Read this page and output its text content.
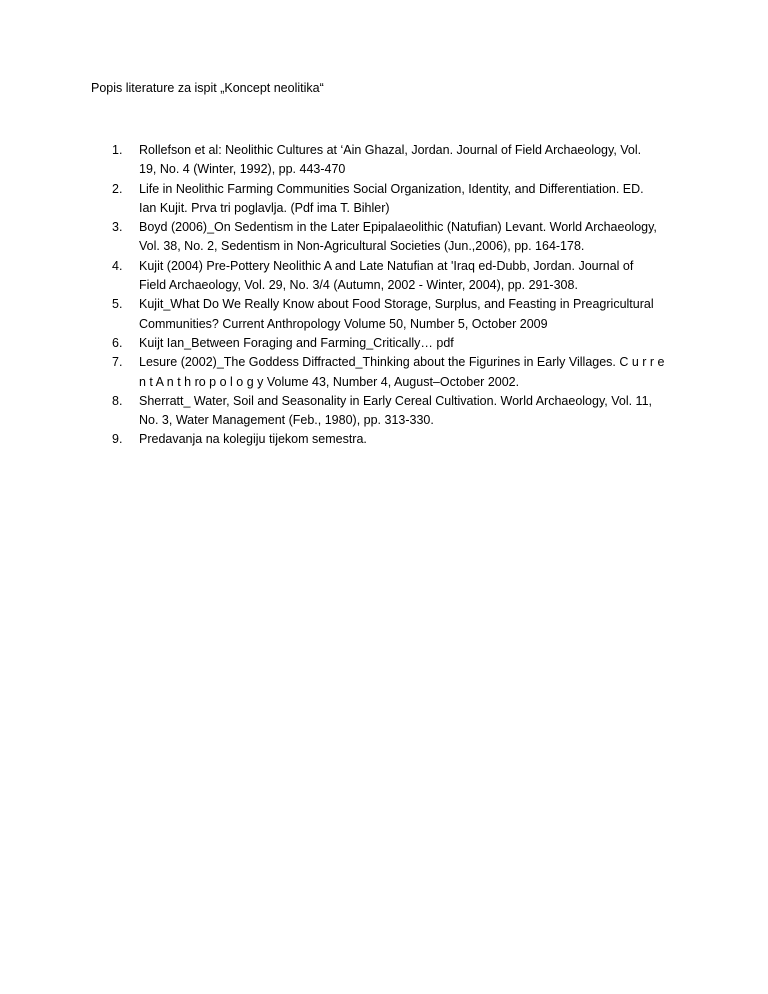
Popis literature za ispit „Koncept neolitika“
1.	Rollefson et al: Neolithic Cultures at ‘Ain Ghazal, Jordan. Journal of Field Archaeology, Vol.
19, No. 4 (Winter, 1992), pp. 443-470
2.	Life in Neolithic Farming Communities Social Organization, Identity, and Differentiation. ED.
Ian Kujit. Prva tri poglavlja. (Pdf ima T. Bihler)
3.	Boyd (2006)_On Sedentism in the Later Epipalaeolithic (Natufian) Levant. World Archaeology,
Vol. 38, No. 2, Sedentism in Non-Agricultural Societies (Jun.,2006), pp. 164-178.
4.	Kujit (2004) Pre-Pottery Neolithic A and Late Natufian at 'Iraq ed-Dubb, Jordan. Journal of
Field Archaeology, Vol. 29, No. 3/4 (Autumn, 2002 - Winter, 2004), pp. 291-308.
5.	Kujit_What Do We Really Know about Food Storage, Surplus, and Feasting in Preagricultural
Communities? Current Anthropology Volume 50, Number 5, October 2009
6.	Kuijt Ian_Between Foraging and Farming_Critically… pdf
7.	Lesure (2002)_The Goddess Diffracted_Thinking about the Figurines in Early Villages. C u r r e
n t A n t h ro p o l o g y Volume 43, Number 4, August–October 2002.
8.	Sherratt_ Water, Soil and Seasonality in Early Cereal Cultivation. World Archaeology, Vol. 11,
No. 3, Water Management (Feb., 1980), pp. 313-330.
9.	Predavanja na kolegiju tijekom semestra.
